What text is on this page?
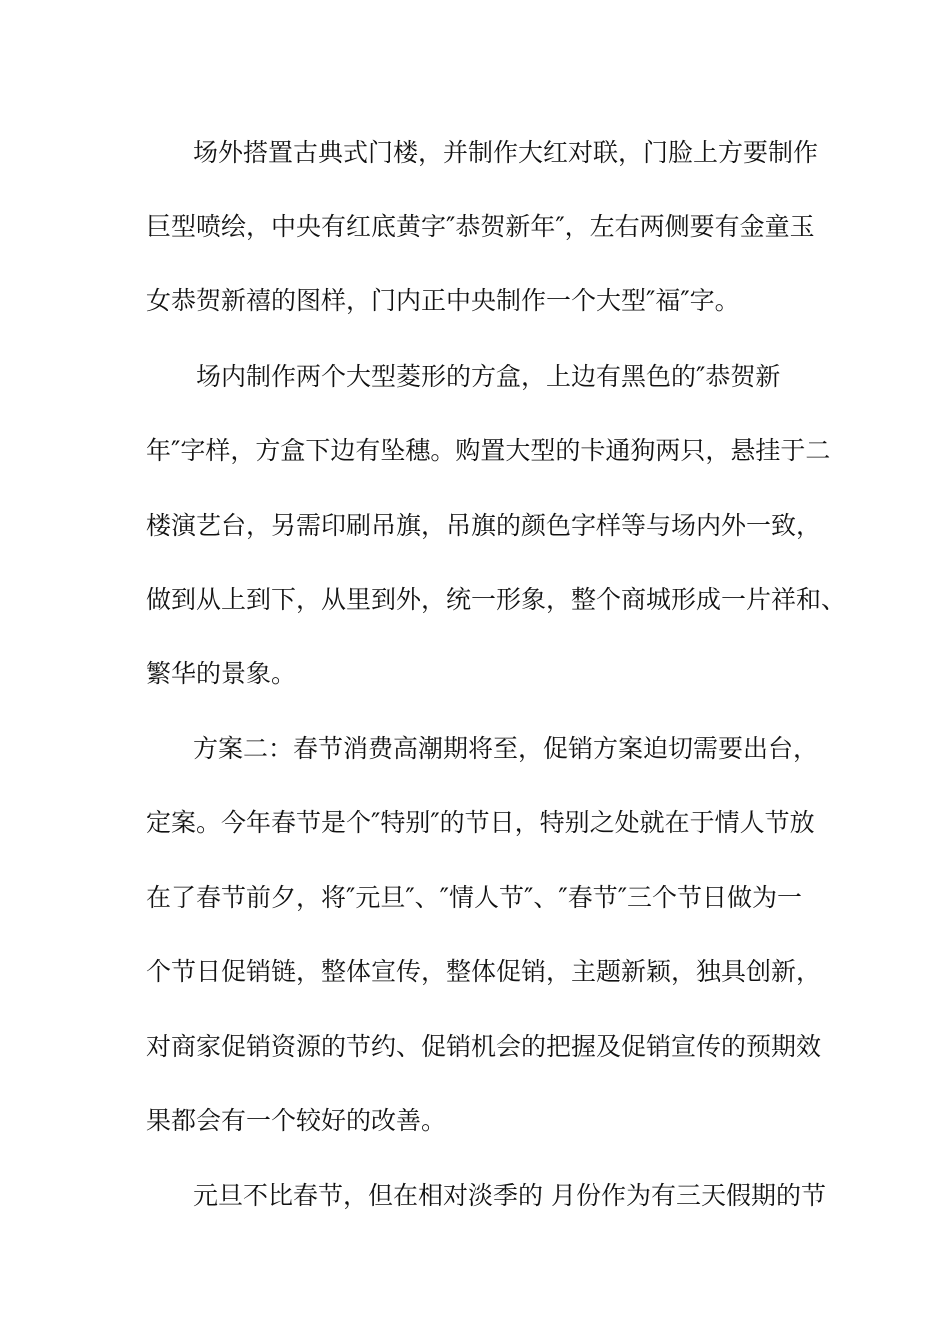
场外搭置古典式门楼，并制作大红对联，门脸上方要制作
巨型喷绘，中央有红底黄字″恭贺新年″，左右两侧要有金童玉
女恭贺新禧的图样，门内正中央制作一个大型″福″字。
场内制作两个大型菱形的方盒，上边有黑色的″恭贺新
年″字样，方盒下边有坠穗。购置大型的卡通狗两只，悬挂于二
楼演艺台，另需印刷吊旗，吊旗的颜色字样等与场内外一致，
做到从上到下，从里到外，统一形象，整个商城形成一片祥和、
繁华的景象。
方案二：春节消费高潮期将至，促销方案迫切需要出台，
定案。今年春节是个″特别″的节日，特别之处就在于情人节放
在了春节前夕，将″元旦″、″情人节″、″春节″三个节日做为一
个节日促销链，整体宣传，整体促销，主题新颖，独具创新，
对商家促销资源的节约、促销机会的把握及促销宣传的预期效
果都会有一个较好的改善。
元旦不比春节，但在相对淡季的 月份作为有三天假期的节
